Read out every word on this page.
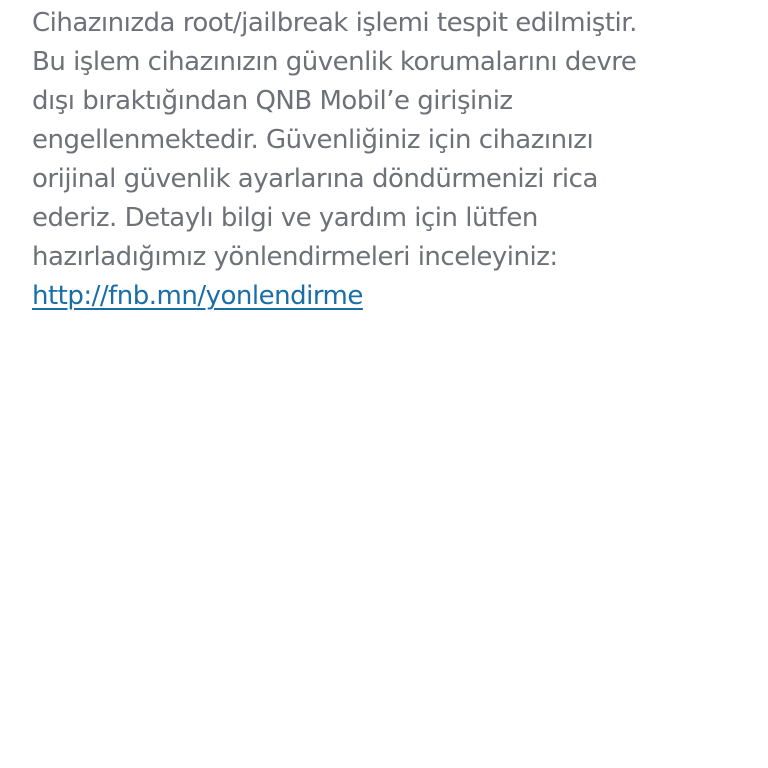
Cihazınızda root/jailbreak işlemi tespit edilmiştir.
Bu işlem cihazınızın güvenlik korumalarını devre
dışı bıraktığından QNB Mobil’e girişiniz
engellenmektedir. Güvenliğiniz için cihazınızı
orijinal güvenlik ayarlarına döndürmenizi rica
ederiz. Detaylı bilgi ve yardım için lütfen
hazırladığımız yönlendirmeleri inceleyiniz:
http://fnb.mn/yonlendirme
